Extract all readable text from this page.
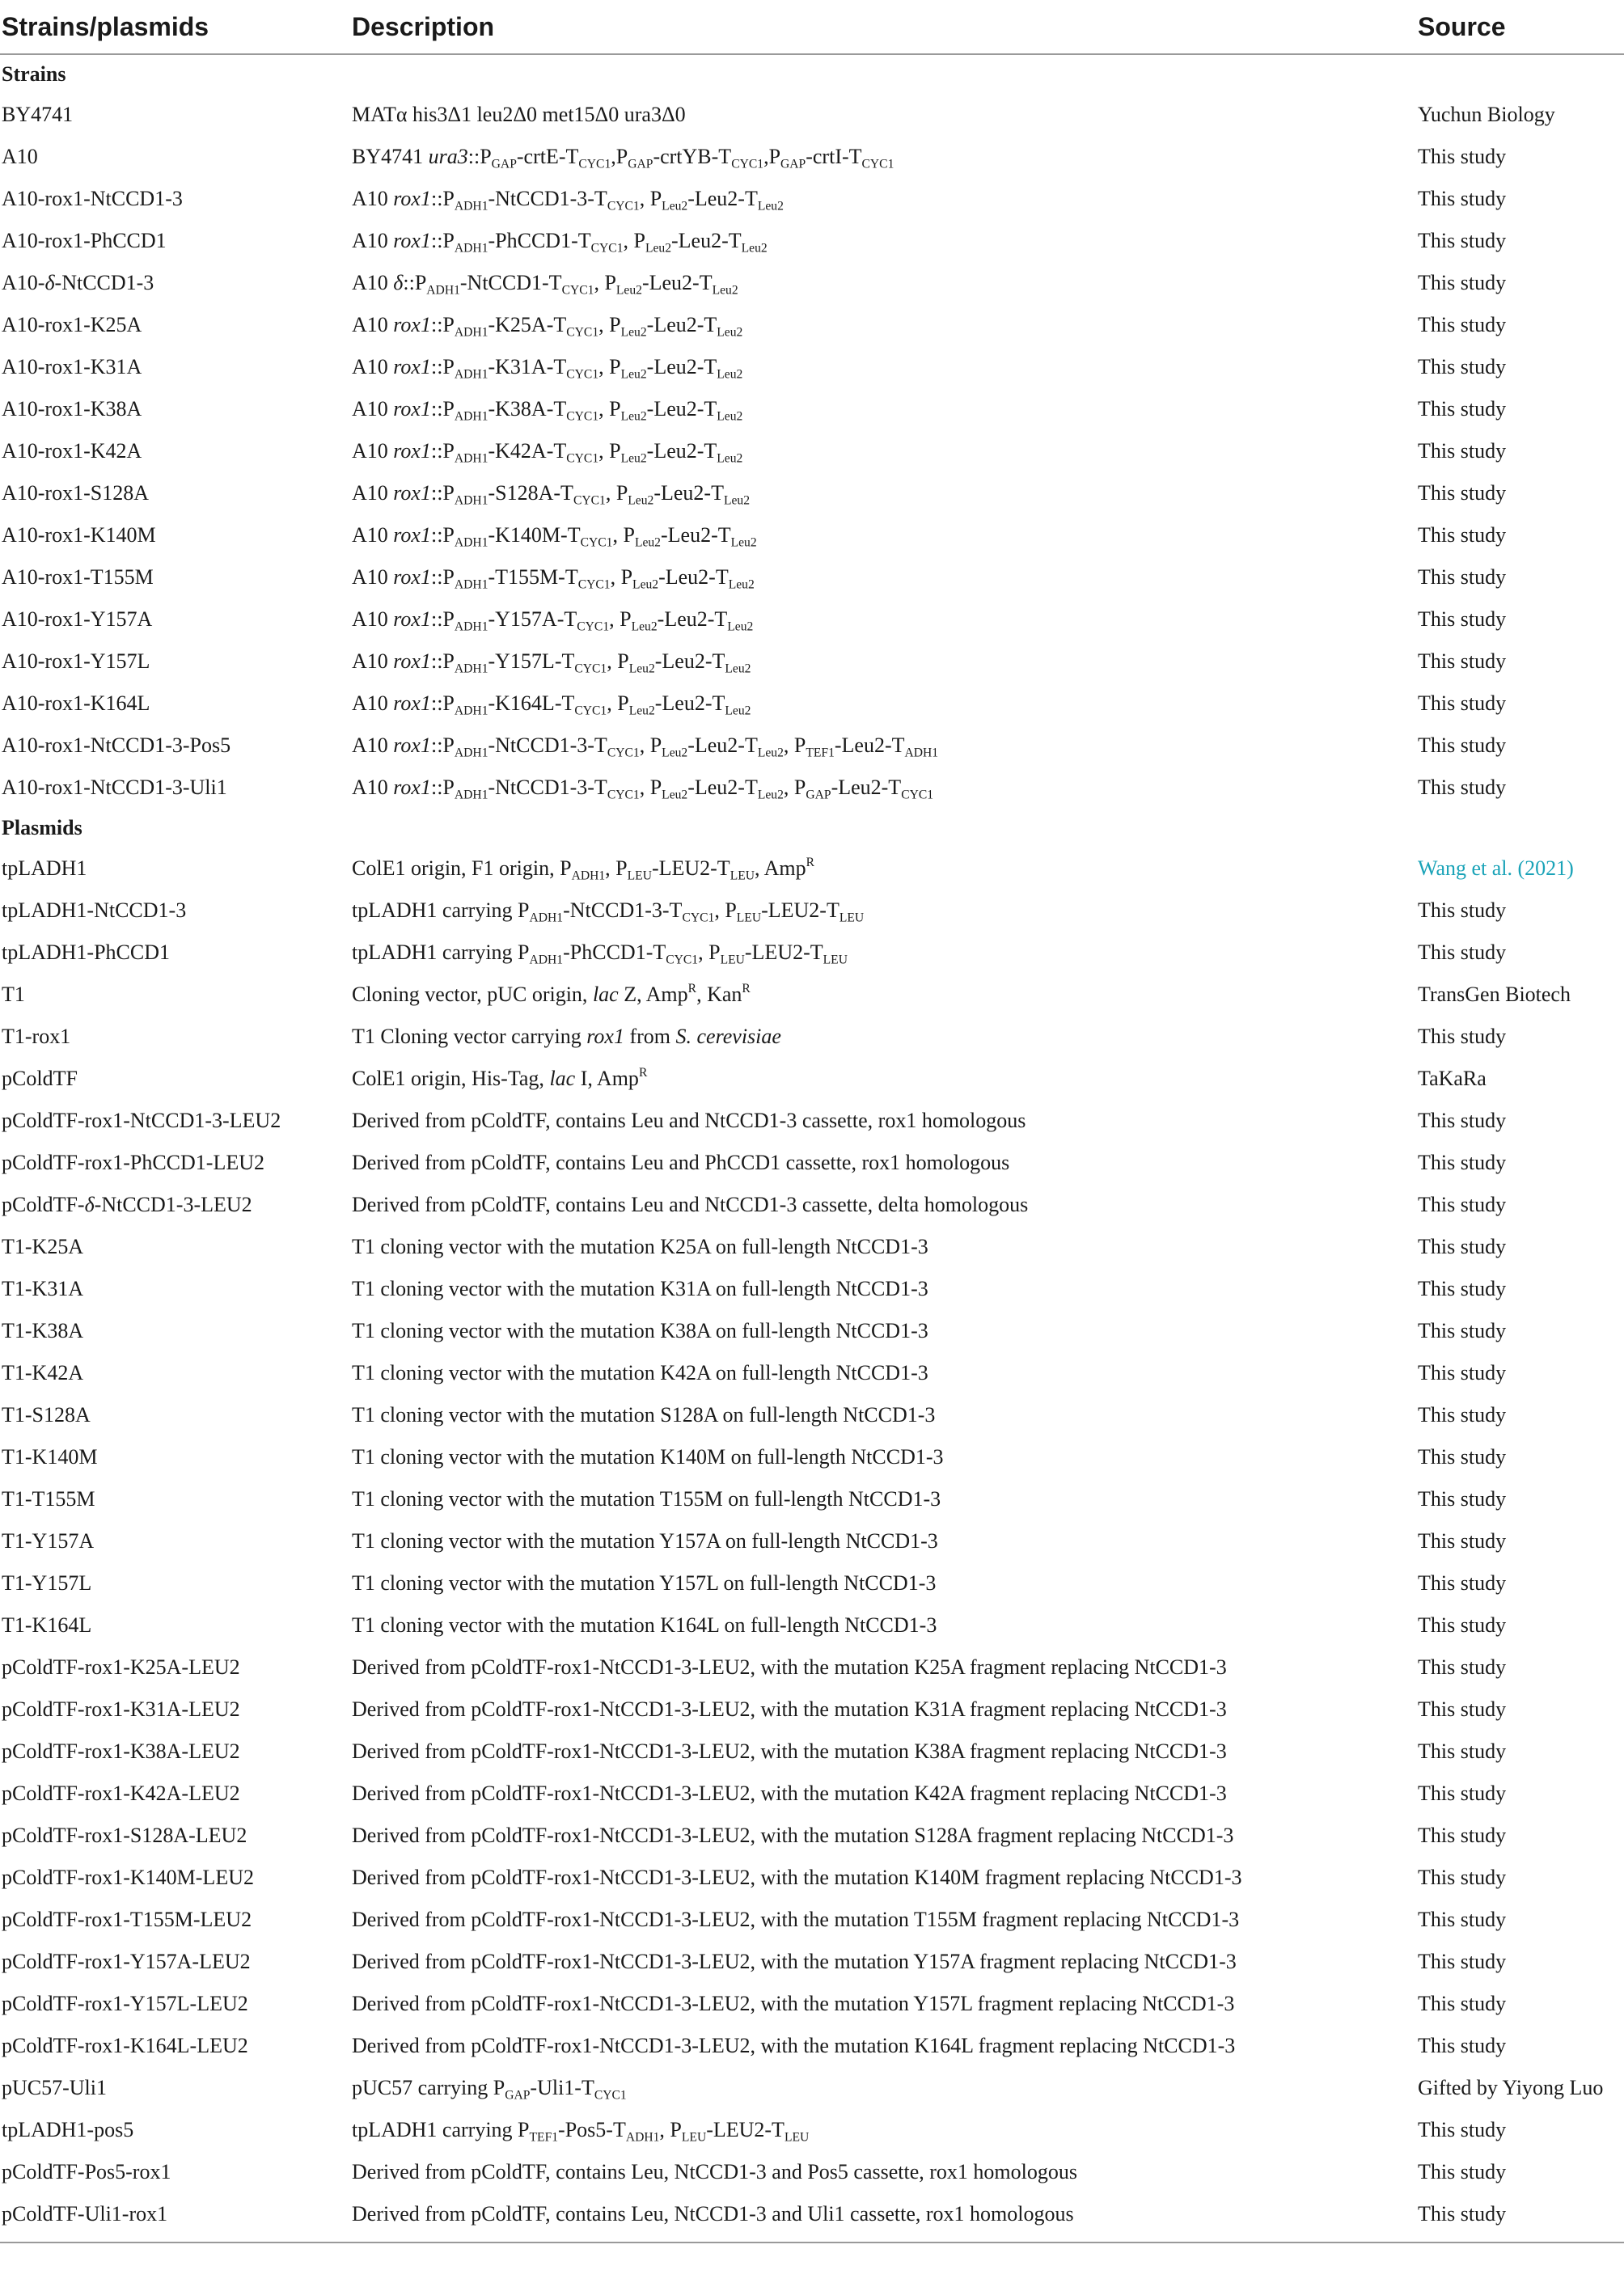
Strains/plasmids	Description	Source
Strains		
BY4741	MATα his3Δ1 leu2Δ0 met15Δ0 ura3Δ0	Yuchun Biology
A10	BY4741 $ura3::P_{GAP}-crtE-T_{CYC1},P_{GAP}-crtYB-T_{CYC1},P_{GAP}-crtI-T_{CYC1}$	This study
A10-rox1-NtCCD1-3	A10 $rox1::P_{ADH1}-NtCCD1-3-T_{CYC1}$, $P_{Leu2}-Leu2-T_{Leu2}$	This study
A10-rox1-PhCCD1	A10 $rox1::P_{ADH1}-PhCCD1-T_{CYC1}$, $P_{Leu2}-Leu2-T_{Leu2}$	This study
A10-δ-NtCCD1-3	A10 $\delta::P_{ADH1}-NtCCD1-T_{CYC1}$, $P_{Leu2}-Leu2-T_{Leu2}$	This study
A10-rox1-K25A	A10 $rox1::P_{ADH1}-K25A-T_{CYC1}$, $P_{Leu2}-Leu2-T_{Leu2}$	This study
A10-rox1-K31A	A10 $rox1::P_{ADH1}-K31A-T_{CYC1}$, $P_{Leu2}-Leu2-T_{Leu2}$	This study
A10-rox1-K38A	A10 $rox1::P_{ADH1}-K38A-T_{CYC1}$, $P_{Leu2}-Leu2-T_{Leu2}$	This study
A10-rox1-K42A	A10 $rox1::P_{ADH1}-K42A-T_{CYC1}$, $P_{Leu2}-Leu2-T_{Leu2}$	This study
A10-rox1-S128A	A10 $rox1::P_{ADH1}-S128A-T_{CYC1}$, $P_{Leu2}-Leu2-T_{Leu2}$	This study
A10-rox1-K140M	A10 $rox1::P_{ADH1}-K140M-T_{CYC1}$, $P_{Leu2}-Leu2-T_{Leu2}$	This study
A10-rox1-T155M	A10 $rox1::P_{ADH1}-T155M-T_{CYC1}$, $P_{Leu2}-Leu2-T_{Leu2}$	This study
A10-rox1-Y157A	A10 $rox1::P_{ADH1}-Y157A-T_{CYC1}$, $P_{Leu2}-Leu2-T_{Leu2}$	This study
A10-rox1-Y157L	A10 $rox1::P_{ADH1}-Y157L-T_{CYC1}$, $P_{Leu2}-Leu2-T_{Leu2}$	This study
A10-rox1-K164L	A10 $rox1::P_{ADH1}-K164L-T_{CYC1}$, $P_{Leu2}-Leu2-T_{Leu2}$	This study
A10-rox1-NtCCD1-3-Pos5	A10 $rox1::P_{ADH1}-NtCCD1-3-T_{CYC1}$, $P_{Leu2}-Leu2-T_{Leu2}$, $P_{TEF1}-Leu2-T_{ADH1}$	This study
A10-rox1-NtCCD1-3-Uli1	A10 $rox1::P_{ADH1}-NtCCD1-3-T_{CYC1}$, $P_{Leu2}-Leu2-T_{Leu2}$, $P_{GAP}-Leu2-T_{CYC1}$	This study
Plasmids		
tpLADH1	ColE1 origin, F1 origin, $P_{ADH1}$, $P_{LEU}-LEU2-T_{LEU}$, Amp$^R$	Wang et al. (2021)
tpLADH1-NtCCD1-3	tpLADH1 carrying $P_{ADH1}-NtCCD1-3-T_{CYC1}$, $P_{LEU}-LEU2-T_{LEU}$	This study
tpLADH1-PhCCD1	tpLADH1 carrying $P_{ADH1}-PhCCD1-T_{CYC1}$, $P_{LEU}-LEU2-T_{LEU}$	This study
T1	Cloning vector, pUC origin, lac Z, Amp$^R$, Kan$^R$	TransGen Biotech
T1-rox1	T1 Cloning vector carrying rox1 from S. cerevisiae	This study
pColdTF	ColE1 origin, His-Tag, lac I, Amp$^R$	TaKaRa
pColdTF-rox1-NtCCD1-3-LEU2	Derived from pColdTF, contains Leu and NtCCD1-3 cassette, rox1 homologous	This study
pColdTF-rox1-PhCCD1-LEU2	Derived from pColdTF, contains Leu and PhCCD1 cassette, rox1 homologous	This study
pColdTF-δ-NtCCD1-3-LEU2	Derived from pColdTF, contains Leu and NtCCD1-3 cassette, delta homologous	This study
T1-K25A	T1 cloning vector with the mutation K25A on full-length NtCCD1-3	This study
T1-K31A	T1 cloning vector with the mutation K31A on full-length NtCCD1-3	This study
T1-K38A	T1 cloning vector with the mutation K38A on full-length NtCCD1-3	This study
T1-K42A	T1 cloning vector with the mutation K42A on full-length NtCCD1-3	This study
T1-S128A	T1 cloning vector with the mutation S128A on full-length NtCCD1-3	This study
T1-K140M	T1 cloning vector with the mutation K140M on full-length NtCCD1-3	This study
T1-T155M	T1 cloning vector with the mutation T155M on full-length NtCCD1-3	This study
T1-Y157A	T1 cloning vector with the mutation Y157A on full-length NtCCD1-3	This study
T1-Y157L	T1 cloning vector with the mutation Y157L on full-length NtCCD1-3	This study
T1-K164L	T1 cloning vector with the mutation K164L on full-length NtCCD1-3	This study
pColdTF-rox1-K25A-LEU2	Derived from pColdTF-rox1-NtCCD1-3-LEU2, with the mutation K25A fragment replacing NtCCD1-3	This study
pColdTF-rox1-K31A-LEU2	Derived from pColdTF-rox1-NtCCD1-3-LEU2, with the mutation K31A fragment replacing NtCCD1-3	This study
pColdTF-rox1-K38A-LEU2	Derived from pColdTF-rox1-NtCCD1-3-LEU2, with the mutation K38A fragment replacing NtCCD1-3	This study
pColdTF-rox1-K42A-LEU2	Derived from pColdTF-rox1-NtCCD1-3-LEU2, with the mutation K42A fragment replacing NtCCD1-3	This study
pColdTF-rox1-S128A-LEU2	Derived from pColdTF-rox1-NtCCD1-3-LEU2, with the mutation S128A fragment replacing NtCCD1-3	This study
pColdTF-rox1-K140M-LEU2	Derived from pColdTF-rox1-NtCCD1-3-LEU2, with the mutation K140M fragment replacing NtCCD1-3	This study
pColdTF-rox1-T155M-LEU2	Derived from pColdTF-rox1-NtCCD1-3-LEU2, with the mutation T155M fragment replacing NtCCD1-3	This study
pColdTF-rox1-Y157A-LEU2	Derived from pColdTF-rox1-NtCCD1-3-LEU2, with the mutation Y157A fragment replacing NtCCD1-3	This study
pColdTF-rox1-Y157L-LEU2	Derived from pColdTF-rox1-NtCCD1-3-LEU2, with the mutation Y157L fragment replacing NtCCD1-3	This study
pColdTF-rox1-K164L-LEU2	Derived from pColdTF-rox1-NtCCD1-3-LEU2, with the mutation K164L fragment replacing NtCCD1-3	This study
pUC57-Uli1	pUC57 carrying $P_{GAP}-Uli1-T_{CYC1}$	Gifted by Yiyong Luo
tpLADH1-pos5	tpLADH1 carrying $P_{TEF1}-Pos5-T_{ADH1}$, $P_{LEU}-LEU2-T_{LEU}$	This study
pColdTF-Pos5-rox1	Derived from pColdTF, contains Leu, NtCCD1-3 and Pos5 cassette, rox1 homologous	This study
pColdTF-Uli1-rox1	Derived from pColdTF, contains Leu, NtCCD1-3 and Uli1 cassette, rox1 homologous	This study
